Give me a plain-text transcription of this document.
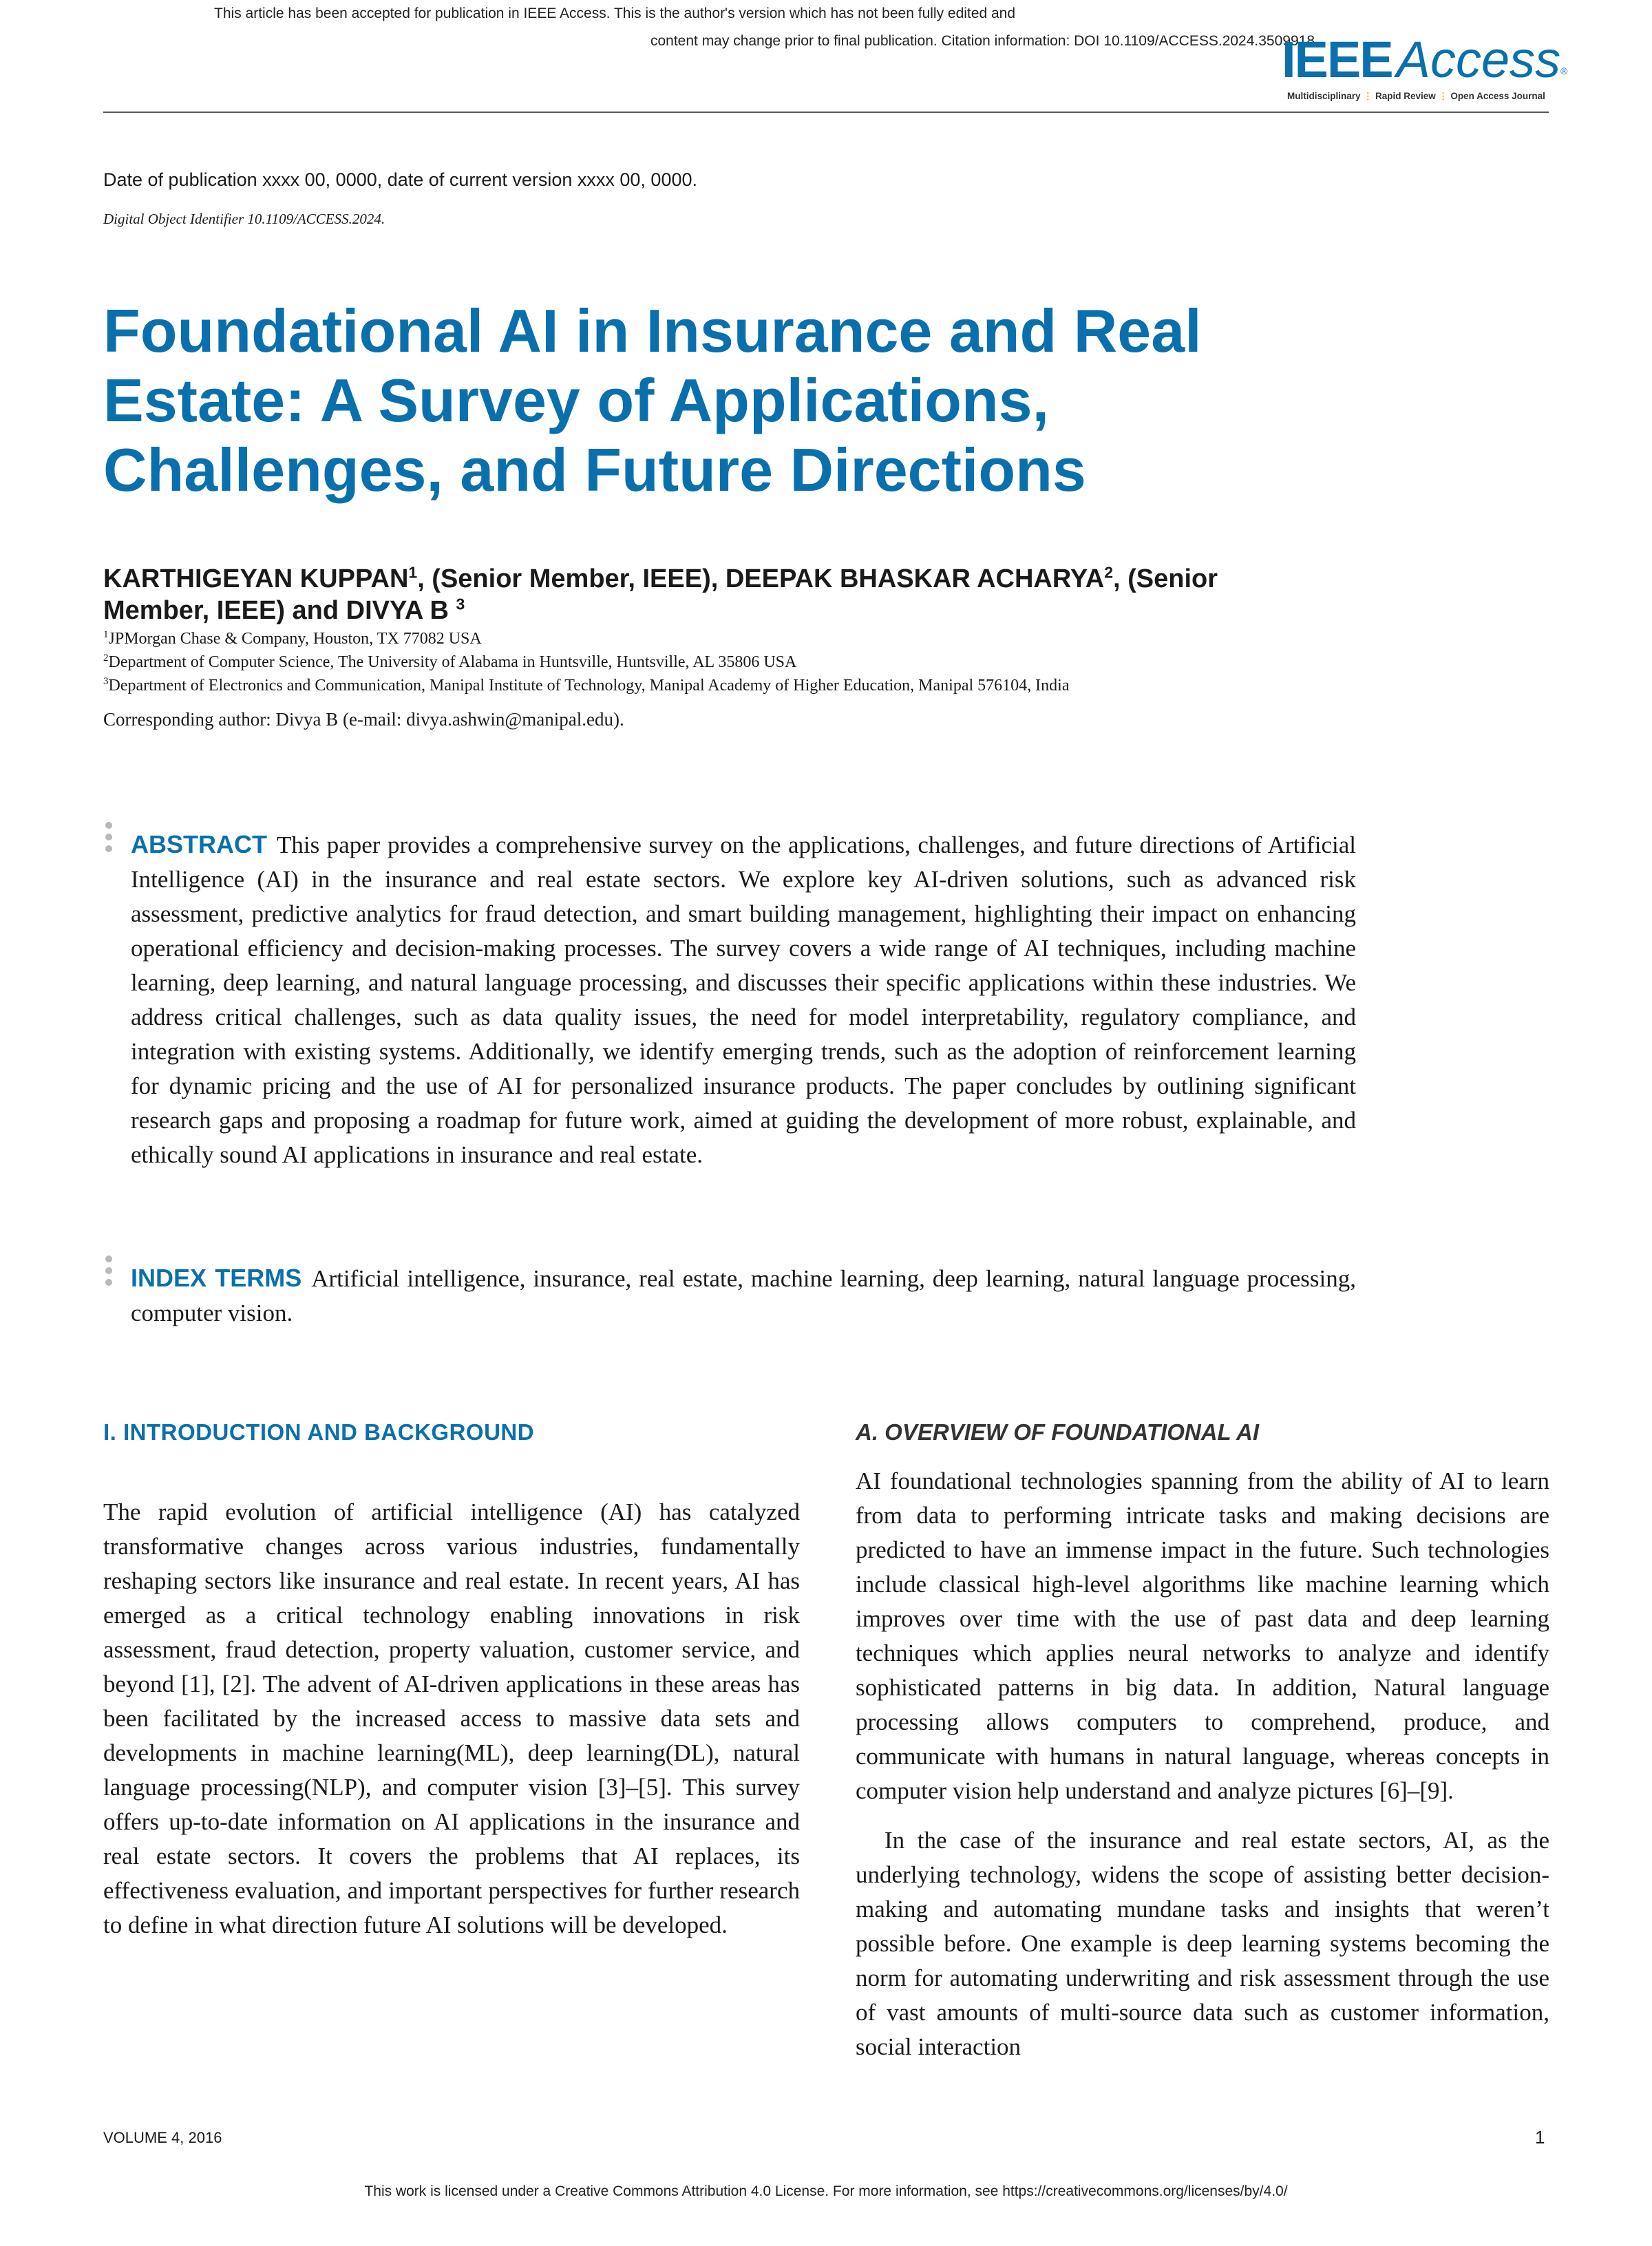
This article has been accepted for publication in IEEE Access. This is the author's version which has not been fully edited and
content may change prior to final publication. Citation information: DOI 10.1109/ACCESS.2024.3509918
IEEEAccess®
Multidisciplinary ⋮ Rapid Review ⋮ Open Access Journal
Date of publication xxxx 00, 0000, date of current version xxxx 00, 0000.
Digital Object Identifier 10.1109/ACCESS.2024.
Foundational AI in Insurance and Real
Estate: A Survey of Applications,
Challenges, and Future Directions
KARTHIGEYAN KUPPAN$^1$, (Senior Member, IEEE), DEEPAK BHASKAR ACHARYA$^2$, (Senior
Member, IEEE) and DIVYA B $^3$
$^1$JPMorgan Chase & Company, Houston, TX 77082 USA
$^2$Department of Computer Science, The University of Alabama in Huntsville, Huntsville, AL 35806 USA
$^3$Department of Electronics and Communication, Manipal Institute of Technology, Manipal Academy of Higher Education, Manipal 576104, India
Corresponding author: Divya B (e-mail: divya.ashwin@manipal.edu).
ABSTRACT This paper provides a comprehensive survey on the applications, challenges, and future directions of Artificial Intelligence (AI) in the insurance and real estate sectors. We explore key AI-driven solutions, such as advanced risk assessment, predictive analytics for fraud detection, and smart building management, highlighting their impact on enhancing operational efficiency and decision-making processes. The survey covers a wide range of AI techniques, including machine learning, deep learning, and natural language processing, and discusses their specific applications within these industries. We address critical challenges, such as data quality issues, the need for model interpretability, regulatory compliance, and integration with existing systems. Additionally, we identify emerging trends, such as the adoption of reinforcement learning for dynamic pricing and the use of AI for personalized insurance products. The paper concludes by outlining significant research gaps and proposing a roadmap for future work, aimed at guiding the development of more robust, explainable, and ethically sound AI applications in insurance and real estate.
INDEX TERMS Artificial intelligence, insurance, real estate, machine learning, deep learning, natural language processing, computer vision.
I. INTRODUCTION AND BACKGROUND	A. OVERVIEW OF FOUNDATIONAL AI

The rapid evolution of artificial intelligence (AI) has catalyzed transformative changes across various industries, fundamentally reshaping sectors like insurance and real estate. In recent years, AI has emerged as a critical technology enabling innovations in risk assessment, fraud detection, property valuation, customer service, and beyond [1], [2]. The advent of AI-driven applications in these areas has been facilitated by the increased access to massive data sets and developments in machine learning(ML), deep learning(DL), natural language processing(NLP), and computer vision [3]–[5]. This survey offers up-to-date information on AI applications in the insurance and real estate sectors. It covers the problems that AI replaces, its effectiveness evaluation, and important perspectives for further research to define in what direction future AI solutions will be developed.

AI foundational technologies spanning from the ability of AI to learn from data to performing intricate tasks and making decisions are predicted to have an immense impact in the future. Such technologies include classical high-level algorithms like machine learning which improves over time with the use of past data and deep learning techniques which applies neural networks to analyze and identify sophisticated patterns in big data. In addition, Natural language processing allows computers to comprehend, produce, and communicate with humans in natural language, whereas concepts in computer vision help understand and analyze pictures [6]–[9].

In the case of the insurance and real estate sectors, AI, as the underlying technology, widens the scope of assisting better decision-making and automating mundane tasks and insights that weren’t possible before. One example is deep learning systems becoming the norm for automating underwriting and risk assessment through the use of vast amounts of multi-source data such as customer information, social interaction

VOLUME 4, 2016	1
This work is licensed under a Creative Commons Attribution 4.0 License. For more information, see https://creativecommons.org/licenses/by/4.0/
